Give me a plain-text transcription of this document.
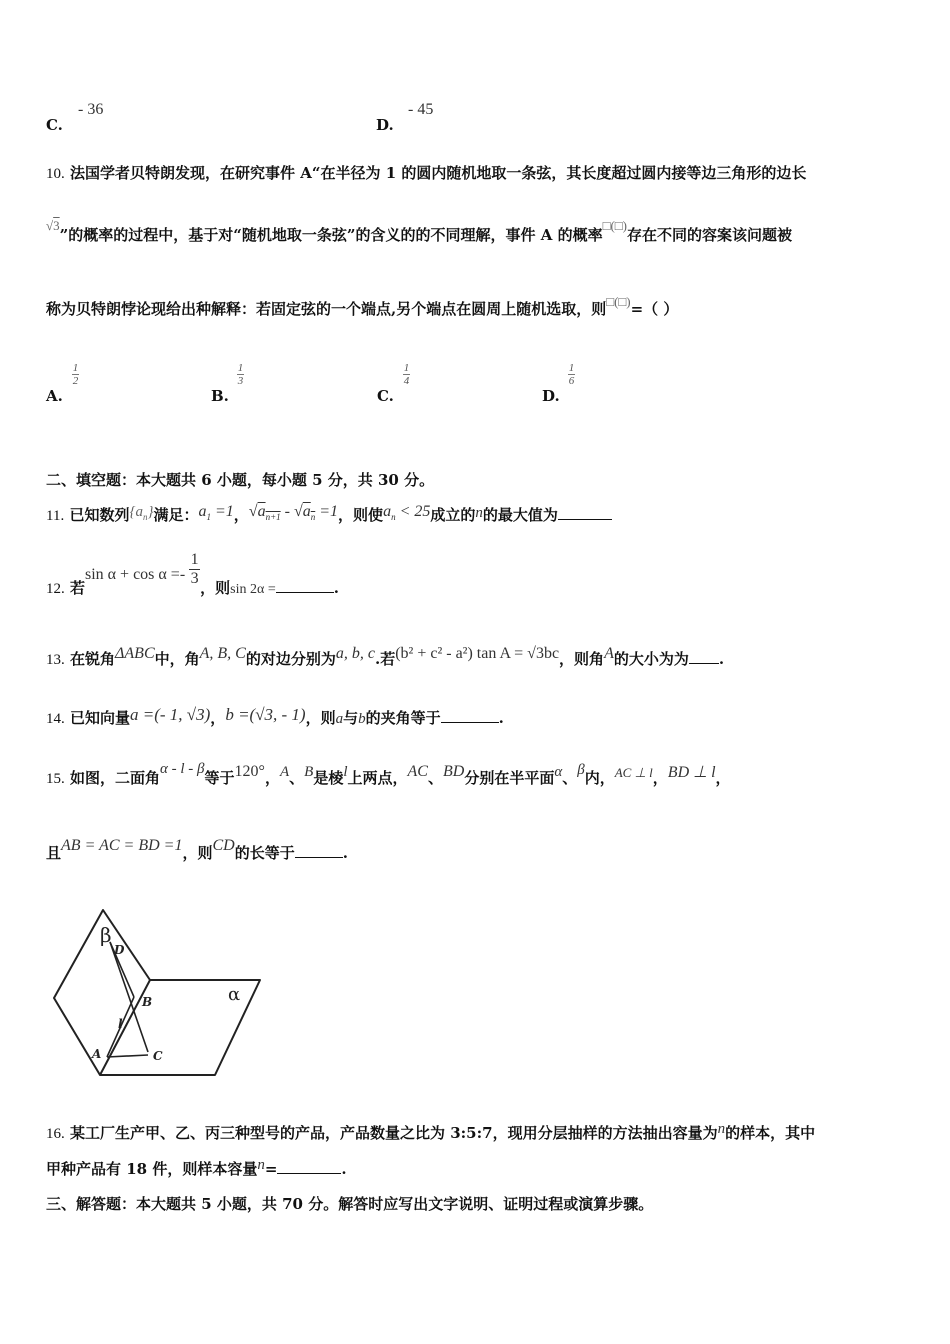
C.
- 36
D.
- 45
10. 法国学者贝特朗发现，在研究事件 A“在半径为 1 的圆内随机地取一条弦，其长度超过圆内接等边三角形的边长
√3”的概率的过程中，基于对“随机地取一条弦”的含义的的不同理解，事件 A 的概率□(□)存在不同的容案该问题被
称为贝特朗悖论现给出种解释：若固定弦的一个端点,另个端点在圆周上随机选取，则□(□)=（ ）
$\frac{1}{2}$
A.
$\frac{1}{3}$
B.
$\frac{1}{4}$
C.
$\frac{1}{6}$
D.
二、填空题：本大题共 6 小题，每小题 5 分，共 30 分。
11. 已知数列$\{a_n\}$满足：$a_1 =1$，$√a_{n+1} - √a_n =1$，则使$a_n < 25$成立的n的最大值为
12. 若$\sin \alpha + \cos \alpha =- \frac{1}{3}$ ，则sin 2α =	.
13. 在锐角ΔABC中，角A, B, C的对边分别为a, b, c.若(b² + c² - a²) tan A = √3bc，则角A的大小为为 .
14. 已知向量a =(- 1, √3)，b =(√3, - 1)，则a与b的夹角等于	.
15. 如图，二面角α - l - β等于120°，A、B是棱l上两点，AC、BD分别在半平面α、β内，AC ⊥ l，BD ⊥ l，
且AB = AC = BD =1，则CD的长等于	.
β
α
D
B
l
A	C
16. 某工厂生产甲、乙、丙三种型号的产品，产品数量之比为 3:5:7，现用分层抽样的方法抽出容量为n的样本，其中
甲种产品有 18 件，则样本容量n=	.
三、解答题：本大题共 5 小题，共 70 分。解答时应写出文字说明、证明过程或演算步骤。
